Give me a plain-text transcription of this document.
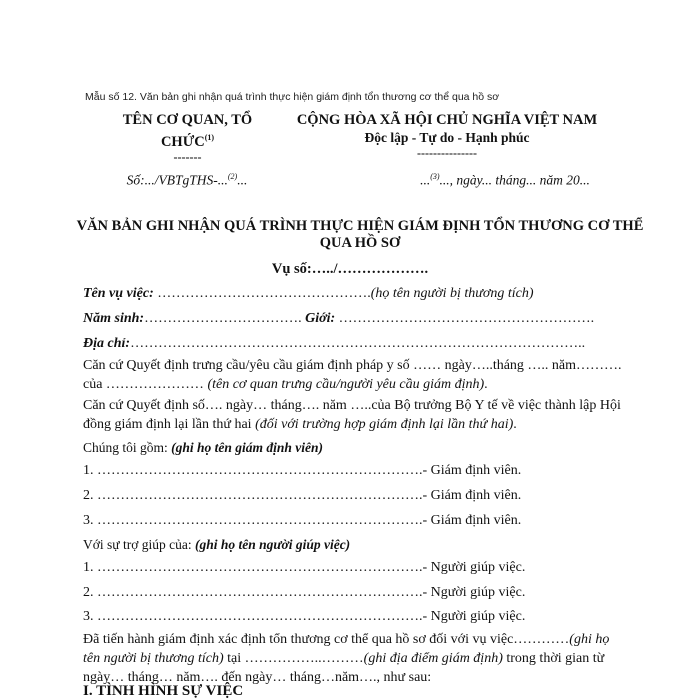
Mẫu số 12. Văn bản ghi nhận quá trình thực hiện giám định tổn thương cơ thể qua hồ sơ
TÊN CƠ QUAN, TỔ CHỨC$^{(1)}$
-------
CỘNG HÒA XÃ HỘI CHỦ NGHĨA VIỆT NAM
Độc lập - Tự do - Hạnh phúc
---------------
Số:.../VBTgTHS-...$^{(2)}$...	...$^{(3)}$..., ngày... tháng... năm 20...
VĂN BẢN GHI NHẬN QUÁ TRÌNH THỰC HIỆN GIÁM ĐỊNH TỔN THƯƠNG CƠ THỂ QUA HỒ SƠ
Vụ số:…../……………….
Tên vụ việc: ……………………………………….(họ tên người bị thương tích)
Năm sinh:……………………………. Giới: ……………………………………………….
Địa chỉ:……………………………………………………………………………………..
Căn cứ Quyết định trưng cầu/yêu cầu giám định pháp y số …… ngày…..tháng ….. năm………. của ………………… (tên cơ quan trưng cầu/người yêu cầu giám định).
Căn cứ Quyết định số…. ngày… tháng…. năm …..của Bộ trưởng Bộ Y tế về việc thành lập Hội đồng giám định lại lần thứ hai (đối với trường hợp giám định lại lần thứ hai).
Chúng tôi gồm: (ghi họ tên giám định viên)
1. …………………………………………………………….- Giám định viên.
2. …………………………………………………………….- Giám định viên.
3. …………………………………………………………….- Giám định viên.
Với sự trợ giúp của: (ghi họ tên người giúp việc)
1. …………………………………………………………….- Người giúp việc.
2. …………………………………………………………….- Người giúp việc.
3. …………………………………………………………….- Người giúp việc.
Đã tiến hành giám định xác định tổn thương cơ thể qua hồ sơ đối với vụ việc…………(ghi họ tên người bị thương tích) tại ……………..………(ghi địa điểm giám định) trong thời gian từ ngày… tháng… năm…. đến ngày… tháng…năm…., như sau:
I. TÌNH HÌNH SỰ VIỆC
